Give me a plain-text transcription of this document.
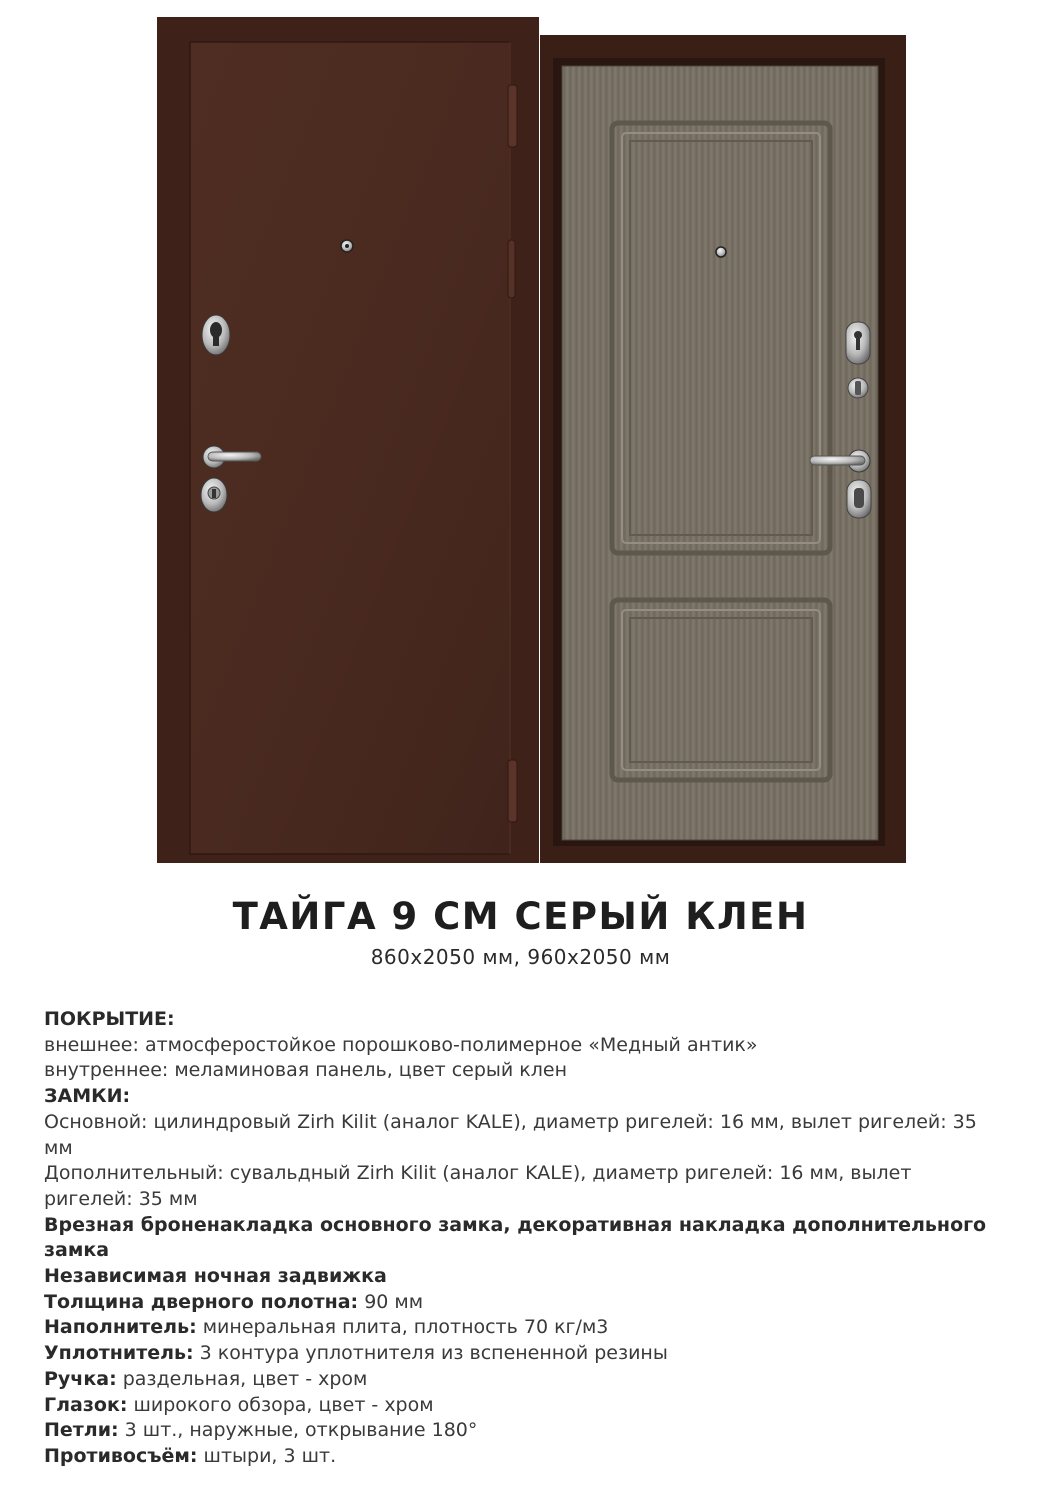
ТАЙГА 9 СМ СЕРЫЙ КЛЕН
860x2050 мм, 960x2050 мм
ПОКРЫТИЕ:
внешнее: атмосферостойкое порошково-полимерное «Медный антик»
внутреннее: меламиновая панель, цвет серый клен
ЗАМКИ:
Основной: цилиндровый Zirh Kilit (аналог KALE), диаметр ригелей: 16 мм, вылет ригелей: 35 мм
Дополнительный: сувальдный Zirh Kilit (аналог KALE), диаметр ригелей: 16 мм, вылет ригелей: 35 мм
Врезная броненакладка основного замка, декоративная накладка дополнительного замка
Независимая ночная задвижка
Толщина дверного полотна: 90 мм
Наполнитель: минеральная плита, плотность 70 кг/м3
Уплотнитель: 3 контура уплотнителя из вспененной резины
Ручка: раздельная, цвет - хром
Глазок: широкого обзора, цвет - хром
Петли: 3 шт., наружные, открывание 180°
Противосъём: штыри, 3 шт.
